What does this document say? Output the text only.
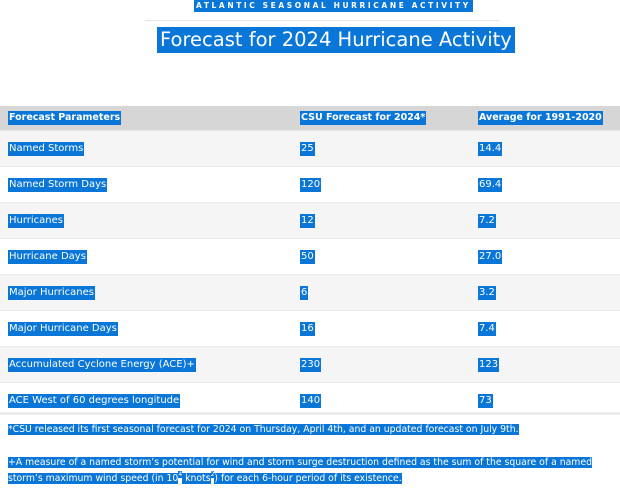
ATLANTIC SEASONAL HURRICANE ACTIVITY
Forecast for 2024 Hurricane Activity
Forecast Parameters	CSU Forecast for 2024*	Average for 1991-2020
Named Storms	25	14.4
Named Storm Days	120	69.4
Hurricanes	12	7.2
Hurricane Days	50	27.0
Major Hurricanes	6	3.2
Major Hurricane Days	16	7.4
Accumulated Cyclone Energy (ACE)+	230	123
ACE West of 60 degrees longitude	140	73
*CSU released its first seasonal forecast for 2024 on Thursday, April 4th, and an updated forecast on July 9th.
+A measure of a named storm’s potential for wind and storm surge destruction defined as the sum of the square of a named
storm’s maximum wind speed (in $10^4$ knots$^2$) for each 6-hour period of its existence.
